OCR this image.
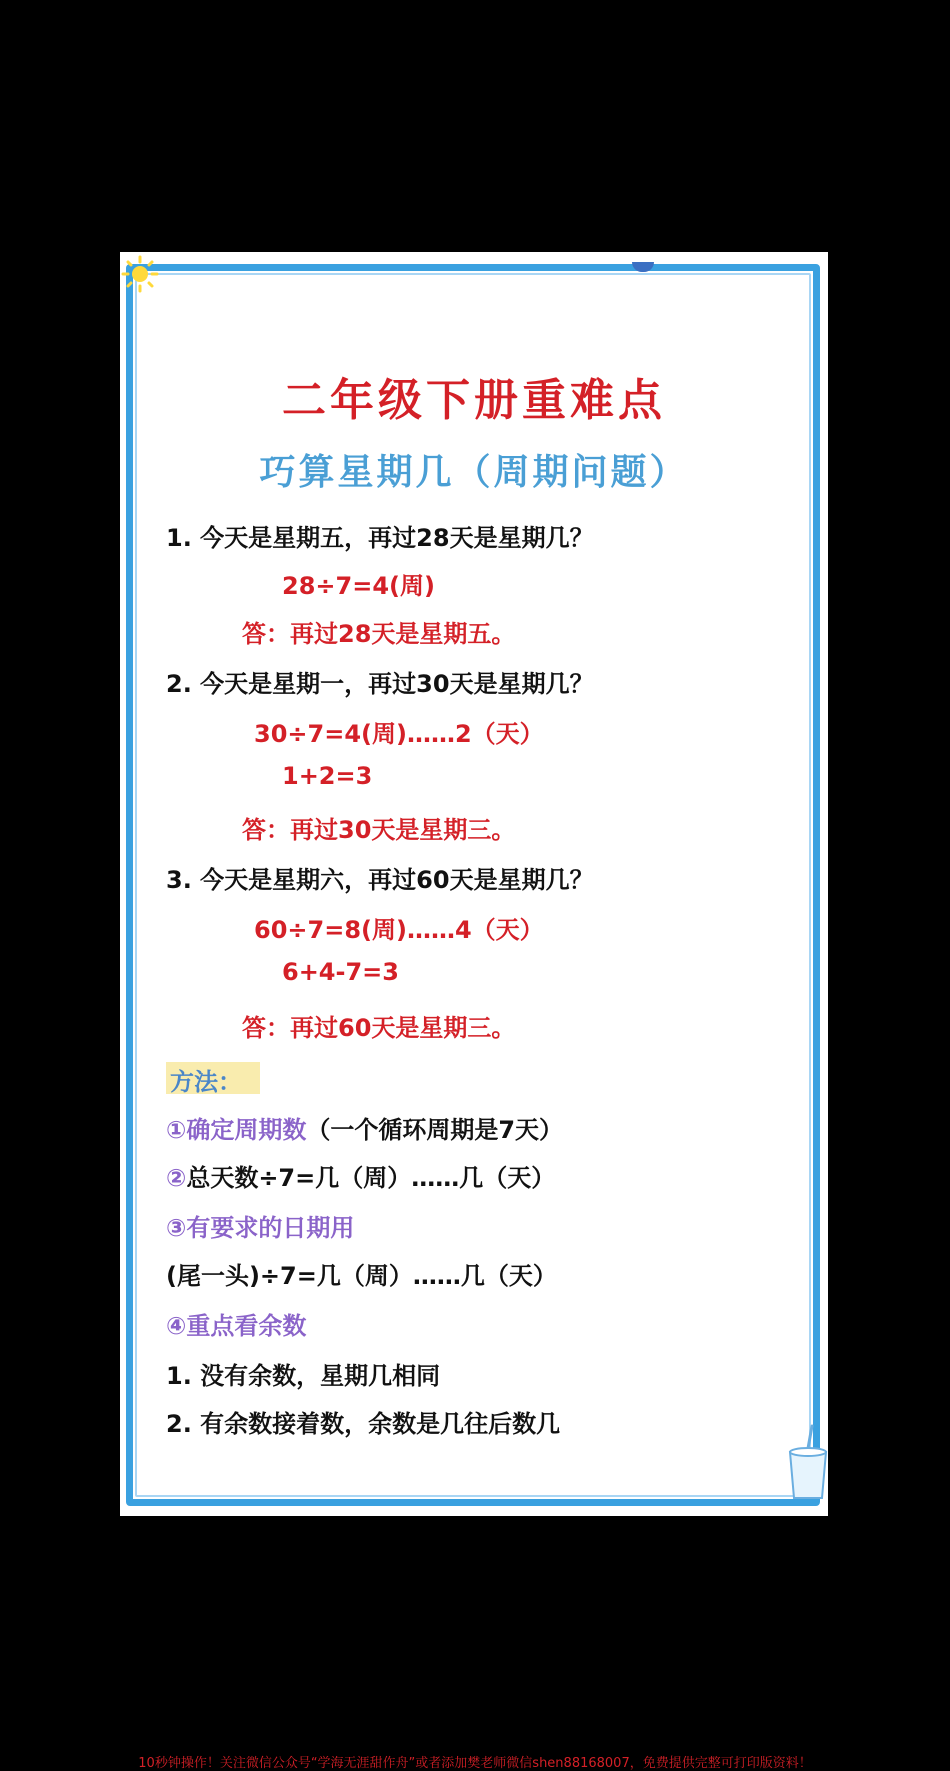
二年级下册重难点
巧算星期几（周期问题）
1. 今天是星期五，再过28天是星期几？
28÷7=4(周)
答：再过28天是星期五。
2. 今天是星期一，再过30天是星期几？
30÷7=4(周)……2（天）
1+2=3
答：再过30天是星期三。
3. 今天是星期六，再过60天是星期几？
60÷7=8(周)……4（天）
6+4-7=3
答：再过60天是星期三。
方法：
①确定周期数（一个循环周期是7天）
②总天数÷7=几（周）……几（天）
③有要求的日期用
(尾一头)÷7=几（周）……几（天）
④重点看余数
1. 没有余数，星期几相同
2. 有余数接着数，余数是几往后数几
10秒钟操作！关注微信公众号“学海无涯甜作舟”或者添加樊老师微信shen88168007，免费提供完整可打印版资料！
